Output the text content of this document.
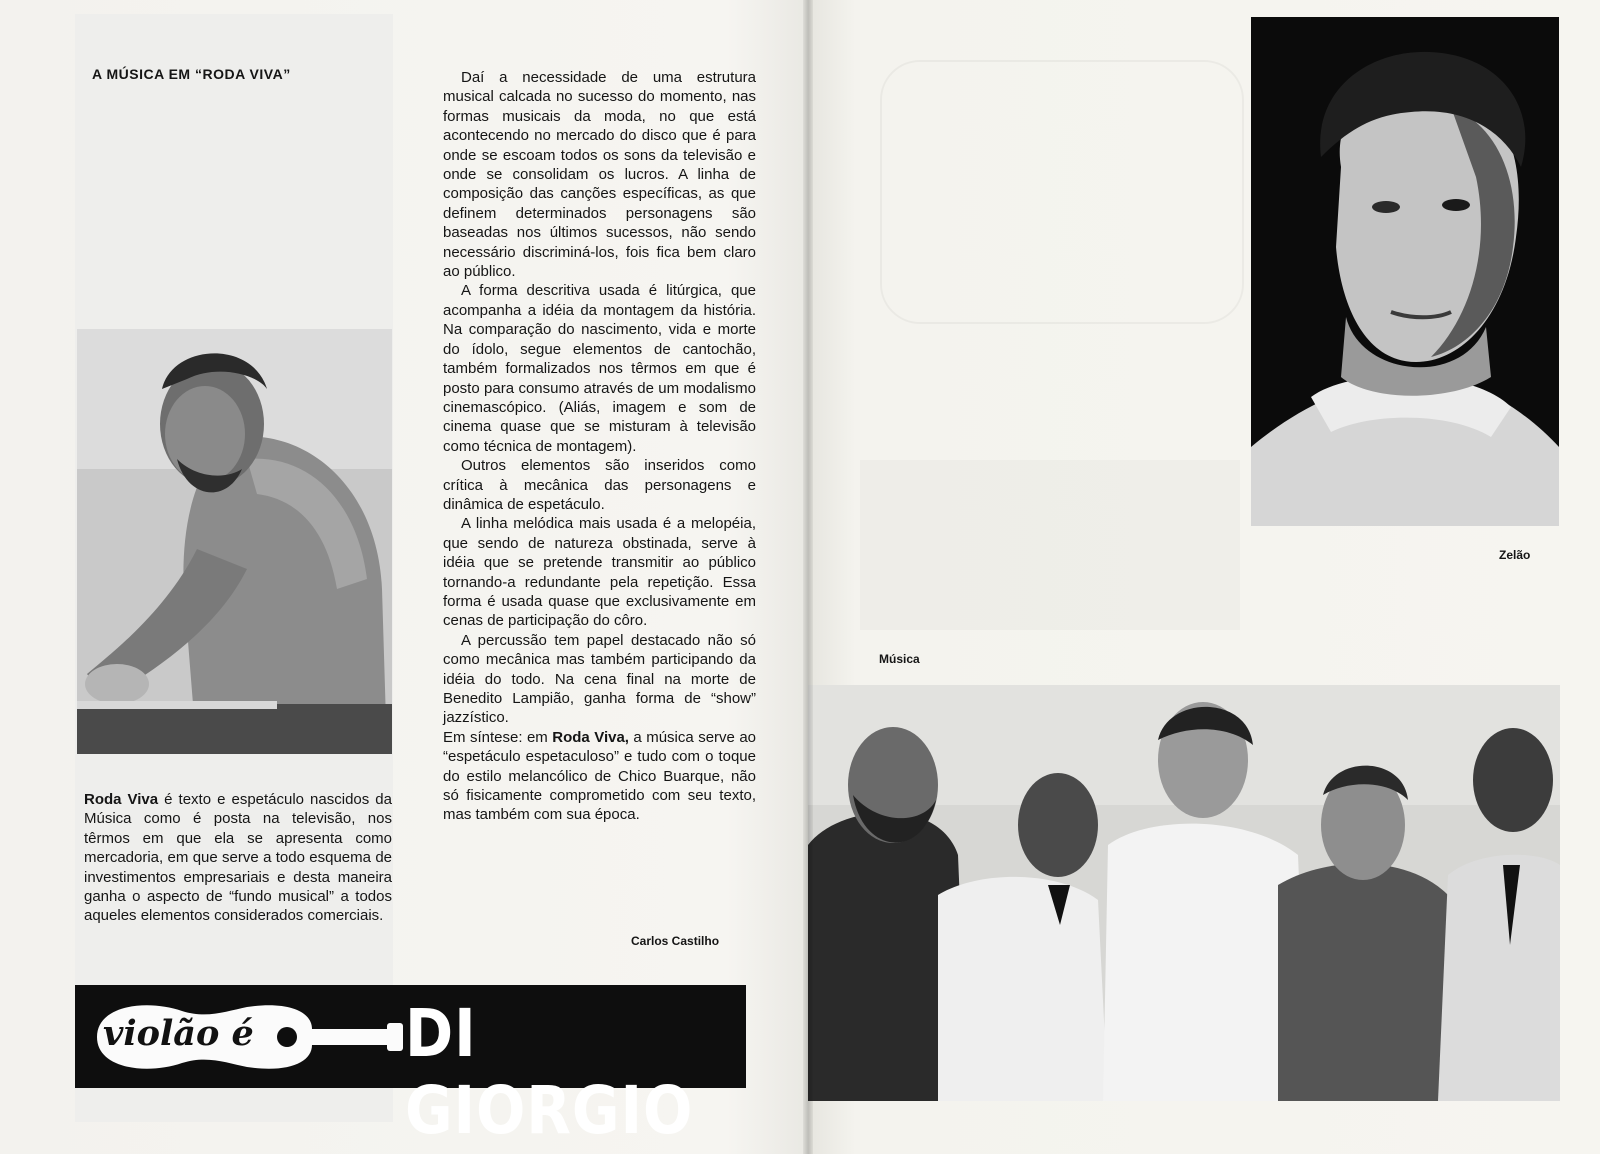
A MÚSICA EM “RODA VIVA”
Roda Viva é texto e espetáculo nascidos da Música como é posta na televisão, nos têrmos em que ela se apresenta como mercadoria, em que serve a todo esquema de investimentos empresariais e desta maneira ganha o aspecto de “fundo musical” a todos aqueles elementos considerados comerciais.

Daí a necessidade de uma estrutura musical calcada no sucesso do momento, nas formas musicais da moda, no que está acontecendo no mercado do disco que é para onde se escoam todos os sons da televisão e onde se consolidam os lucros. A linha de composição das canções específicas, as que definem determinados personagens são baseadas nos últimos sucessos, não sendo necessário discriminá-los, fois fica bem claro ao público.

A forma descritiva usada é litúrgica, que acompanha a idéia da montagem da história. Na comparação do nascimento, vida e morte do ídolo, segue elementos de cantochão, também formalizados nos têrmos em que é posto para consumo através de um modalismo cinemascópico. (Aliás, imagem e som de cinema quase que se misturam à televisão como técnica de montagem).

Outros elementos são inseridos como crítica à mecânica das personagens e dinâmica de espetáculo.

A linha melódica mais usada é a melopéia, que sendo de natureza obstinada, serve à idéia que se pretende transmitir ao público tornando-a redundante pela repetição. Essa forma é usada quase que exclusivamente em cenas de participação do côro.

A percussão tem papel destacado não só como mecânica mas também participando da idéia do todo. Na cena final na morte de Benedito Lampião, ganha forma de “show” jazzístico.

Em síntese: em Roda Viva, a música serve ao “espetáculo espetaculoso” e tudo com o toque do estilo melancólico de Chico Buarque, não só fisicamente comprometido com seu texto, mas também com sua época.

Carlos Castilho
violão é DI GIORGIO
Zelão
Música
